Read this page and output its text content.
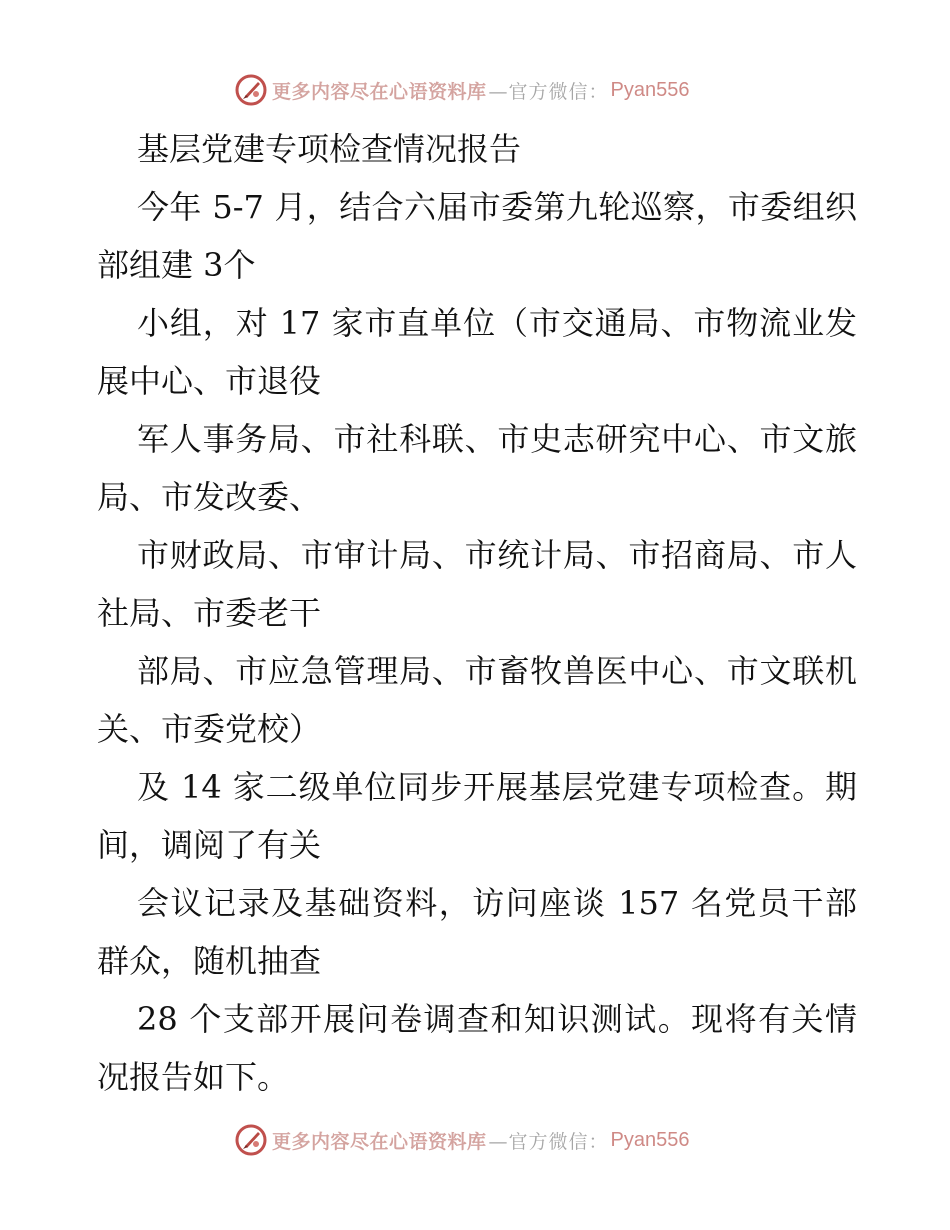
更多内容尽在心语资料库 —官方微信： Pyan556

基层党建专项检查情况报告

今年 5-7 月，结合六届市委第九轮巡察，市委组织部组建 3个

小组，对 17 家市直单位（市交通局、市物流业发展中心、市退役

军人事务局、市社科联、市史志研究中心、市文旅局、市发改委、

市财政局、市审计局、市统计局、市招商局、市人社局、市委老干

部局、市应急管理局、市畜牧兽医中心、市文联机关、市委党校）

及 14 家二级单位同步开展基层党建专项检查。期间，调阅了有关

会议记录及基础资料，访问座谈 157 名党员干部群众，随机抽查

28 个支部开展问卷调查和知识测试。现将有关情况报告如下。

更多内容尽在心语资料库 —官方微信： Pyan556
